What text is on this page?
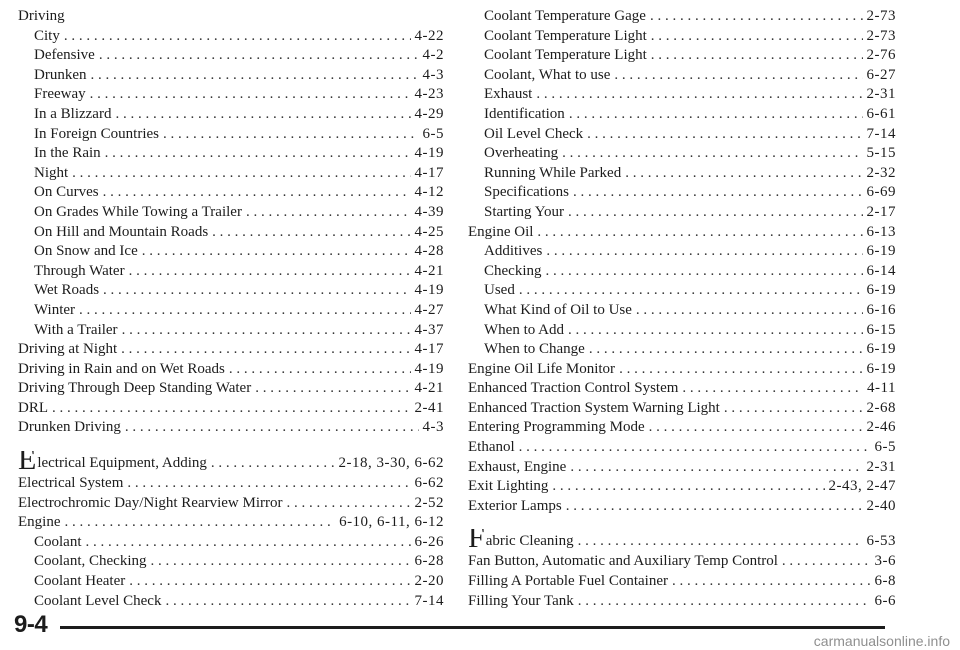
Driving
City . . .	4-22
Defensive . . .	4-2
Drunken . . .	4-3
Freeway . . .	4-23
In a Blizzard . . .	4-29
In Foreign Countries . . .	6-5
In the Rain . . .	4-19
Night . . .	4-17
On Curves . . .	4-12
On Grades While Towing a Trailer . . .	4-39
On Hill and Mountain Roads . . .	4-25
On Snow and Ice . . .	4-28
Through Water . . .	4-21
Wet Roads . . .	4-19
Winter . . .	4-27
With a Trailer . . .	4-37
Driving at Night . . .	4-17
Driving in Rain and on Wet Roads . . .	4-19
Driving Through Deep Standing Water . . .	4-21
DRL . . .	2-41
Drunken Driving . . .	4-3
Electrical Equipment, Adding . . .	2-18, 3-30, 6-62
Electrical System . . .	6-62
Electrochromic Day/Night Rearview Mirror . . .	2-52
Engine . . .	6-10, 6-11, 6-12
Coolant . . .	6-26
Coolant, Checking . . .	6-28
Coolant Heater . . .	2-20
Coolant Level Check . . .	7-14
Coolant Temperature Gage . . .	2-73
Coolant Temperature Light . . .	2-73
Coolant Temperature Light . . .	2-76
Coolant, What to use . . .	6-27
Exhaust . . .	2-31
Identification . . .	6-61
Oil Level Check . . .	7-14
Overheating . . .	5-15
Running While Parked . . .	2-32
Specifications . . .	6-69
Starting Your . . .	2-17
Engine Oil . . .	6-13
Additives . . .	6-19
Checking . . .	6-14
Used . . .	6-19
What Kind of Oil to Use . . .	6-16
When to Add . . .	6-15
When to Change . . .	6-19
Engine Oil Life Monitor . . .	6-19
Enhanced Traction Control System . . .	4-11
Enhanced Traction System Warning Light . . .	2-68
Entering Programming Mode . . .	2-46
Ethanol . . .	6-5
Exhaust, Engine . . .	2-31
Exit Lighting . . .	2-43, 2-47
Exterior Lamps . . .	2-40
Fabric Cleaning . . .	6-53
Fan Button, Automatic and Auxiliary Temp Control . . .	3-6
Filling A Portable Fuel Container . . .	6-8
Filling Your Tank . . .	6-6
9-4
carmanualsonline.info
